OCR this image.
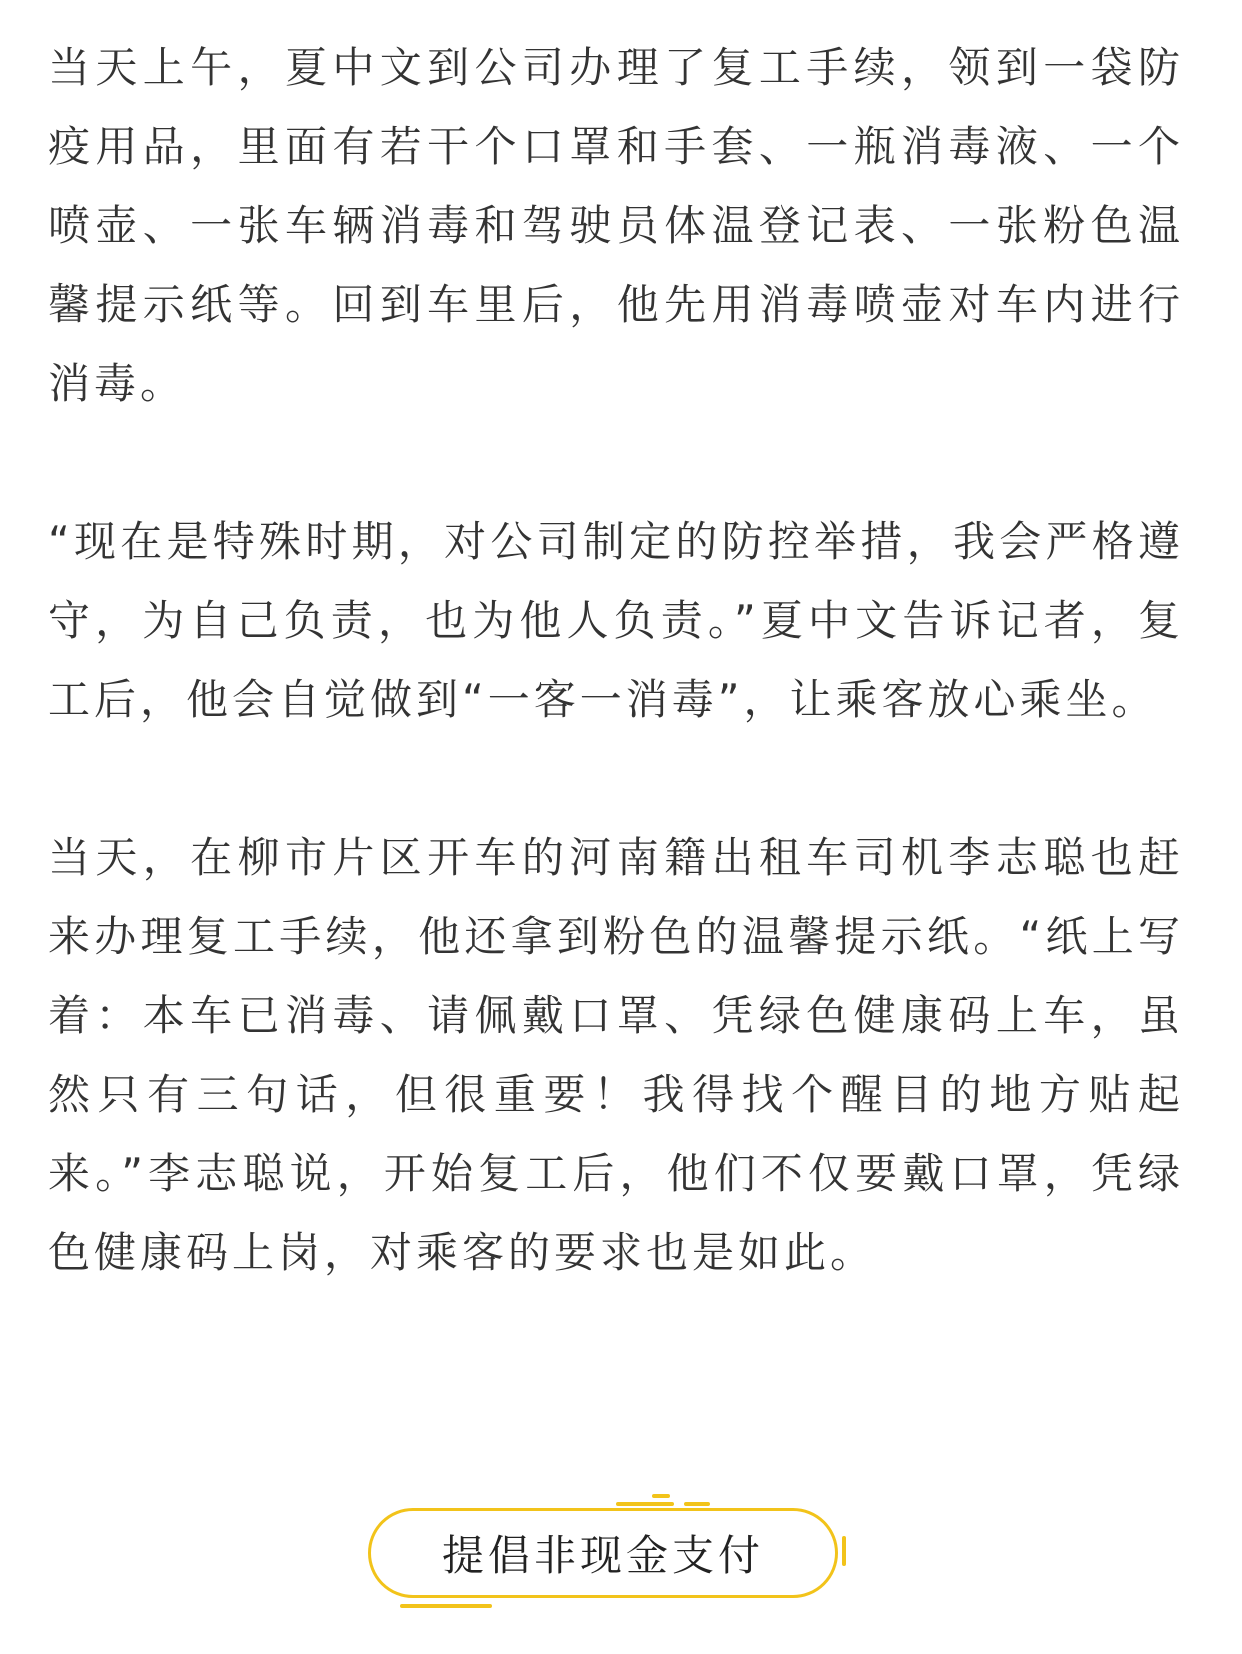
当天上午，夏中文到公司办理了复工手续，领到一袋防疫用品，里面有若干个口罩和手套、一瓶消毒液、一个喷壶、一张车辆消毒和驾驶员体温登记表、一张粉色温馨提示纸等。回到车里后，他先用消毒喷壶对车内进行消毒。

“现在是特殊时期，对公司制定的防控举措，我会严格遵守，为自己负责，也为他人负责。”夏中文告诉记者，复工后，他会自觉做到“一客一消毒”，让乘客放心乘坐。

当天，在柳市片区开车的河南籍出租车司机李志聪也赶来办理复工手续，他还拿到粉色的温馨提示纸。“纸上写着：本车已消毒、请佩戴口罩、凭绿色健康码上车，虽然只有三句话，但很重要！我得找个醒目的地方贴起来。”李志聪说，开始复工后，他们不仅要戴口罩，凭绿色健康码上岗，对乘客的要求也是如此。

提倡非现金支付
